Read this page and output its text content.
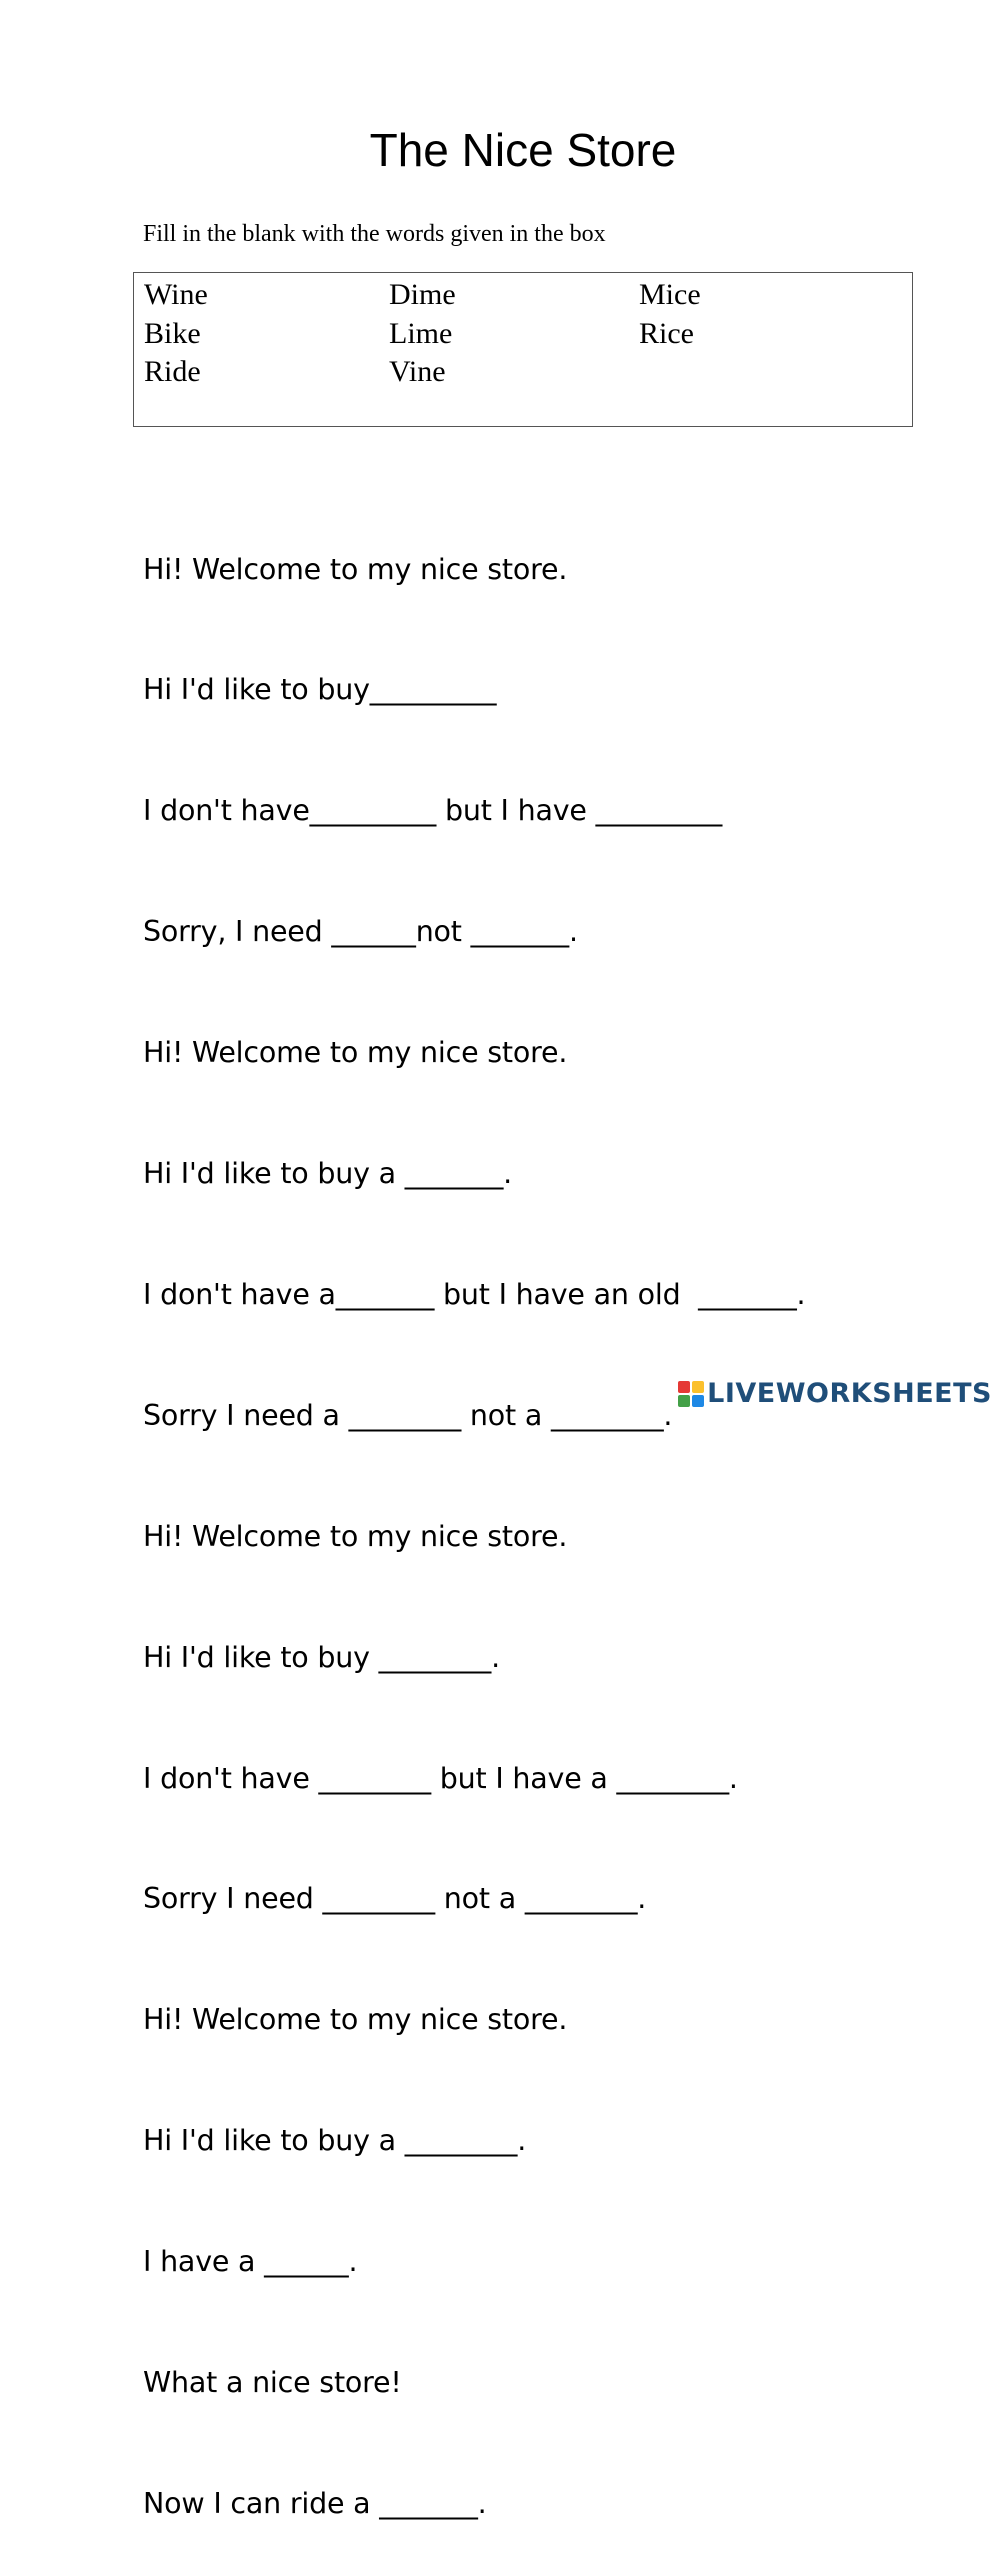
The Nice Store
Fill in the blank with the words given in the box
Wine	Dime	Mice
Bike	Lime	Rice
Ride	Vine

Hi! Welcome to my nice store.

Hi I'd like to buy_________

I don't have_________ but I have _________

Sorry, I need ______not _______.

Hi! Welcome to my nice store.

Hi I'd like to buy a _______.

I don't have a_______ but I have an old  _______.

Sorry I need a ________ not a ________.

Hi! Welcome to my nice store.

Hi I'd like to buy ________.

I don't have ________ but I have a ________.

Sorry I need ________ not a ________.

Hi! Welcome to my nice store.

Hi I'd like to buy a ________.

I have a ______.

What a nice store!

Now I can ride a _______.

LIVEWORKSHEETS
